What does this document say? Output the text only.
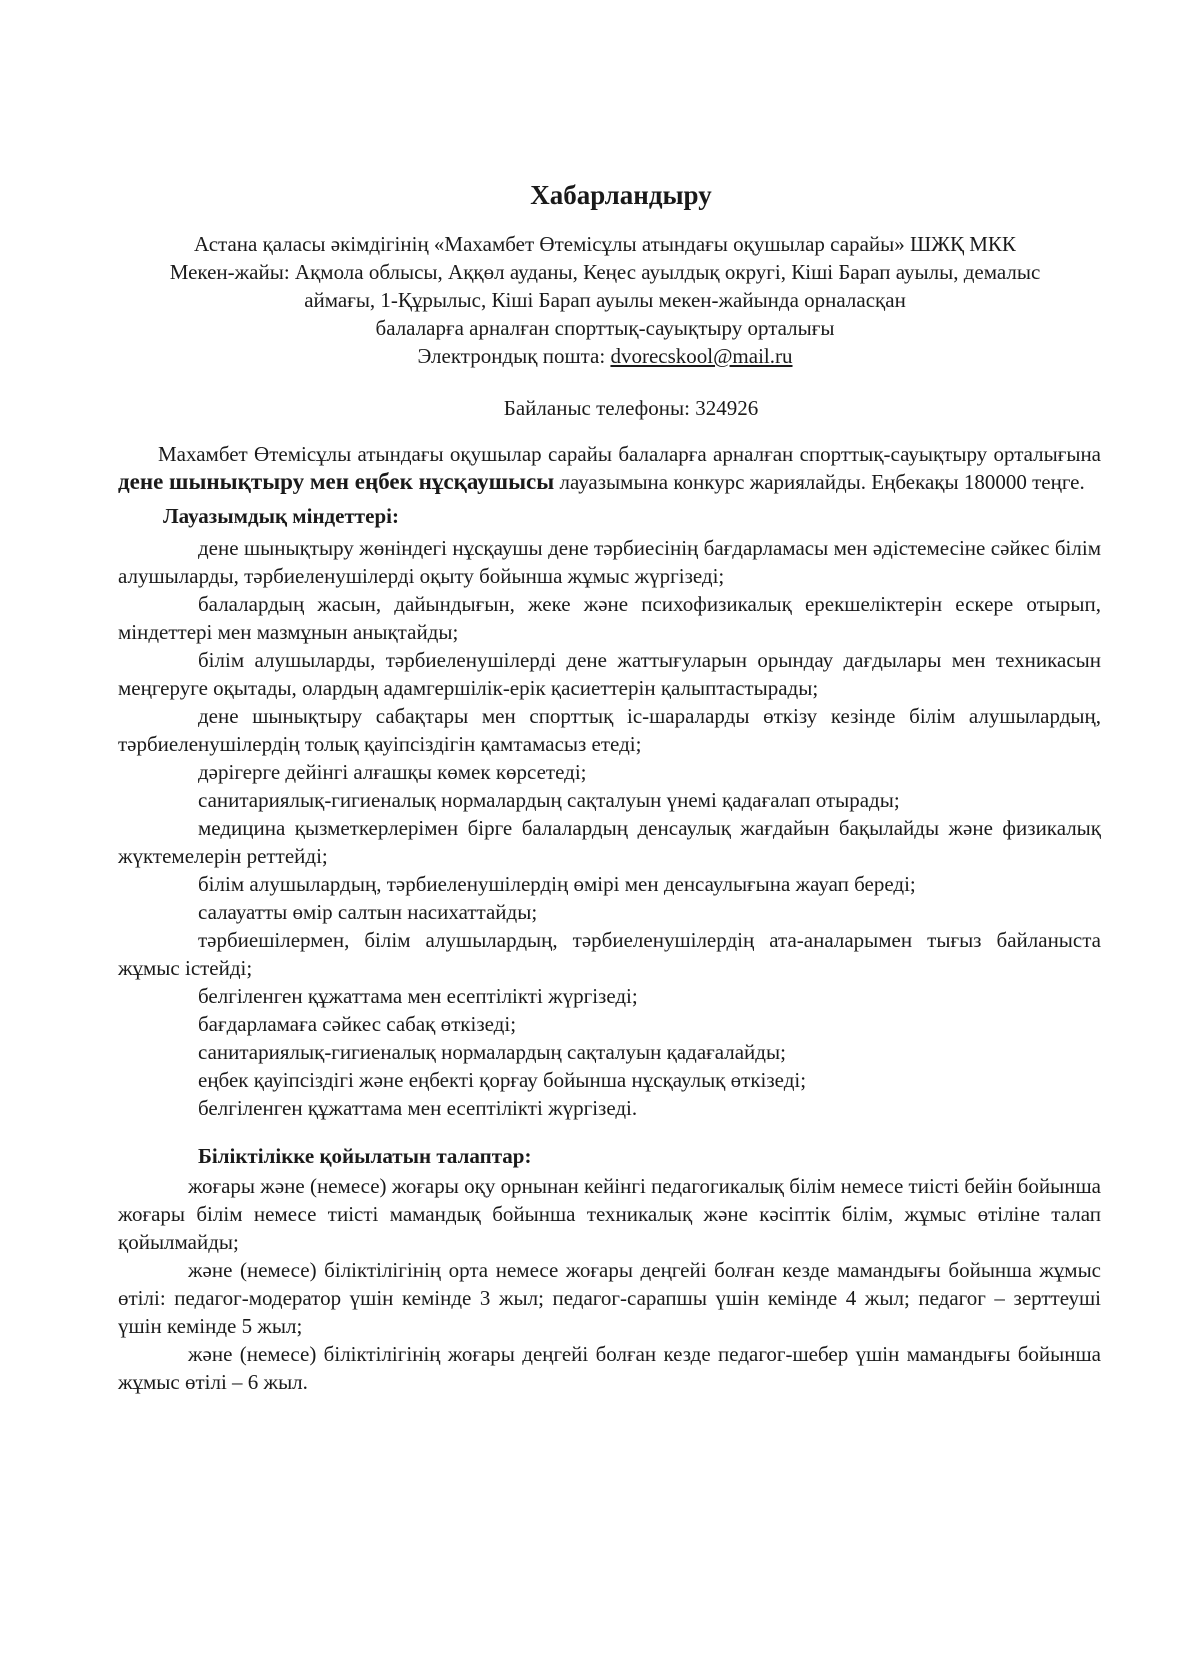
Хабарландыру
Астана қаласы әкімдігінің «Махамбет Өтемісұлы атындағы оқушылар сарайы» ШЖҚ МКК
Мекен-жайы: Ақмола облысы, Аққөл ауданы, Кеңес ауылдық округі, Кіші Барап ауылы, демалыс
аймағы, 1-Құрылыс, Кіші Барап ауылы мекен-жайында орналасқан
балаларға арналған спорттық-сауықтыру орталығы
Электрондық пошта: dvorecskool@mail.ru
Байланыс телефоны: 324926

Махамбет Өтемісұлы атындағы оқушылар сарайы балаларға арналған спорттық-сауықтыру орталығына дене шынықтыру мен еңбек нұсқаушысы лауазымына конкурс жариялайды. Еңбекақы 180000 теңге.

Лауазымдық міндеттері:

дене шынықтыру жөніндегі нұсқаушы дене тәрбиесінің бағдарламасы мен әдістемесіне сәйкес білім алушыларды, тәрбиеленушілерді оқыту бойынша жұмыс жүргізеді;

балалардың жасын, дайындығын, жеке және психофизикалық ерекшеліктерін ескере отырып, міндеттері мен мазмұнын анықтайды;

білім алушыларды, тәрбиеленушілерді дене жаттығуларын орындау дағдылары мен техникасын меңгеруге оқытады, олардың адамгершілік-ерік қасиеттерін қалыптастырады;

дене шынықтыру сабақтары мен спорттық іс-шараларды өткізу кезінде білім алушылардың, тәрбиеленушілердің толық қауіпсіздігін қамтамасыз етеді;

дәрігерге дейінгі алғашқы көмек көрсетеді;

санитариялық-гигиеналық нормалардың сақталуын үнемі қадағалап отырады;

медицина қызметкерлерімен бірге балалардың денсаулық жағдайын бақылайды және физикалық жүктемелерін реттейді;

білім алушылардың, тәрбиеленушілердің өмірі мен денсаулығына жауап береді;

салауатты өмір салтын насихаттайды;

тәрбиешілермен, білім алушылардың, тәрбиеленушілердің ата-аналарымен тығыз байланыста жұмыс істейді;

белгіленген құжаттама мен есептілікті жүргізеді;

бағдарламаға сәйкес сабақ өткізеді;

санитариялық-гигиеналық нормалардың сақталуын қадағалайды;

еңбек қауіпсіздігі және еңбекті қорғау бойынша нұсқаулық өткізеді;

белгіленген құжаттама мен есептілікті жүргізеді.

Біліктілікке қойылатын талаптар:

жоғары және (немесе) жоғары оқу орнынан кейінгі педагогикалық білім немесе тиісті бейін бойынша жоғары білім немесе тиісті мамандық бойынша техникалық және кәсіптік білім, жұмыс өтіліне талап қойылмайды;

және (немесе) біліктілігінің орта немесе жоғары деңгейі болған кезде мамандығы бойынша жұмыс өтілі: педагог-модератор үшін кемінде 3 жыл; педагог-сарапшы үшін кемінде 4 жыл; педагог – зерттеуші үшін кемінде 5 жыл;

және (немесе) біліктілігінің жоғары деңгейі болған кезде педагог-шебер үшін мамандығы бойынша жұмыс өтілі – 6 жыл.
